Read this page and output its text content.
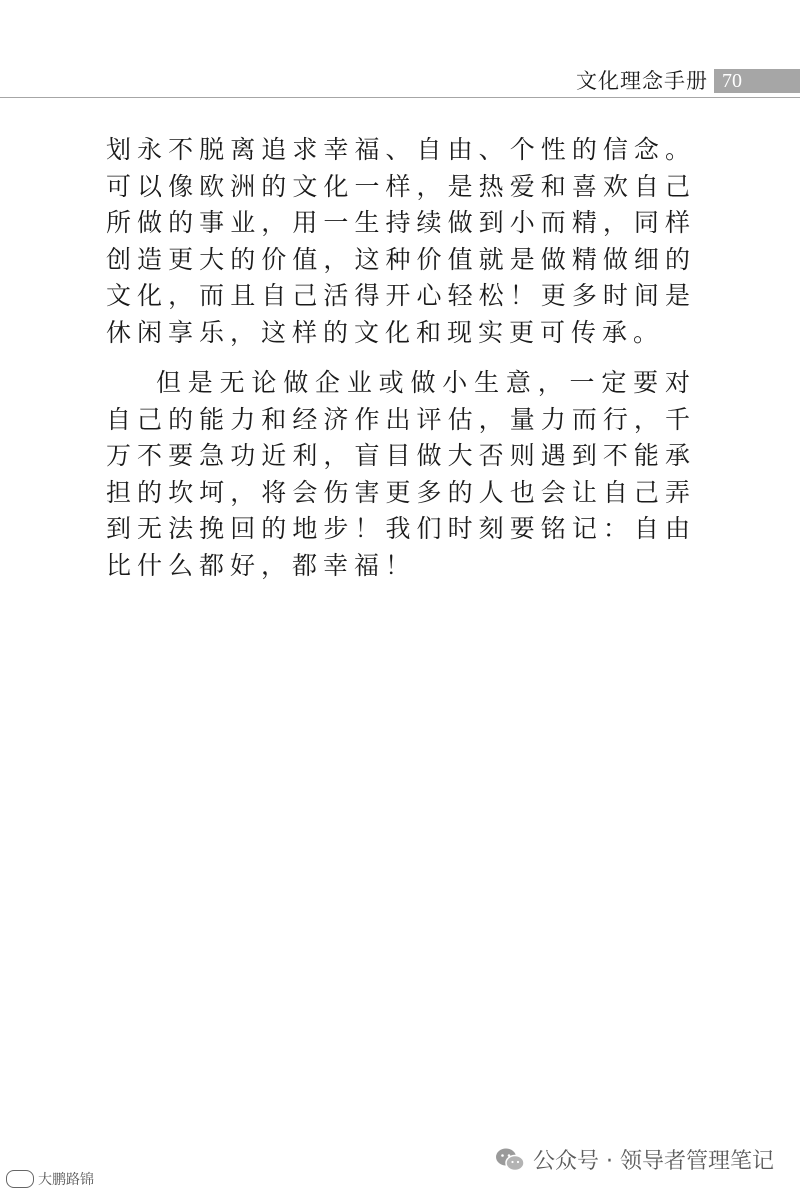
文化理念手册 70

划永不脱离追求幸福、自由、个性的信念。可以像欧洲的文化一样，是热爱和喜欢自己所做的事业，用一生持续做到小而精，同样创造更大的价值，这种价值就是做精做细的文化，而且自己活得开心轻松！更多时间是休闲享乐，这样的文化和现实更可传承。

但是无论做企业或做小生意，一定要对自己的能力和经济作出评估，量力而行，千万不要急功近利，盲目做大否则遇到不能承担的坎坷，将会伤害更多的人也会让自己弄到无法挽回的地步！我们时刻要铭记：自由比什么都好，都幸福！

大鹏路锦
公众号 · 领导者管理笔记
